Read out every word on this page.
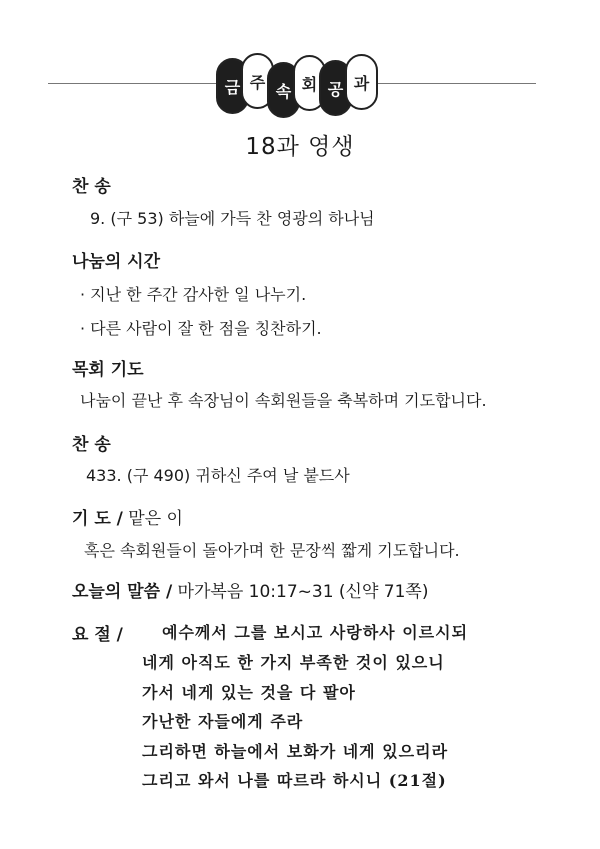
금 주 속 회 공 과
18과 영생
찬 송
9. (구 53) 하늘에 가득 찬 영광의 하나님
나눔의 시간
· 지난 한 주간 감사한 일 나누기.
· 다른 사람이 잘 한 점을 칭찬하기.
목회 기도
나눔이 끝난 후 속장님이 속회원들을 축복하며 기도합니다.
찬 송
433. (구 490) 귀하신 주여 날 붙드사
기 도 / 맡은 이
혹은 속회원들이 돌아가며 한 문장씩 짧게 기도합니다.
오늘의 말씀 / 마가복음 10:17~31 (신약 71쪽)
요 절 / 예수께서 그를 보시고 사랑하사 이르시되
네게 아직도 한 가지 부족한 것이 있으니
가서 네게 있는 것을 다 팔아
가난한 자들에게 주라
그리하면 하늘에서 보화가 네게 있으리라
그리고 와서 나를 따르라 하시니 (21절)
